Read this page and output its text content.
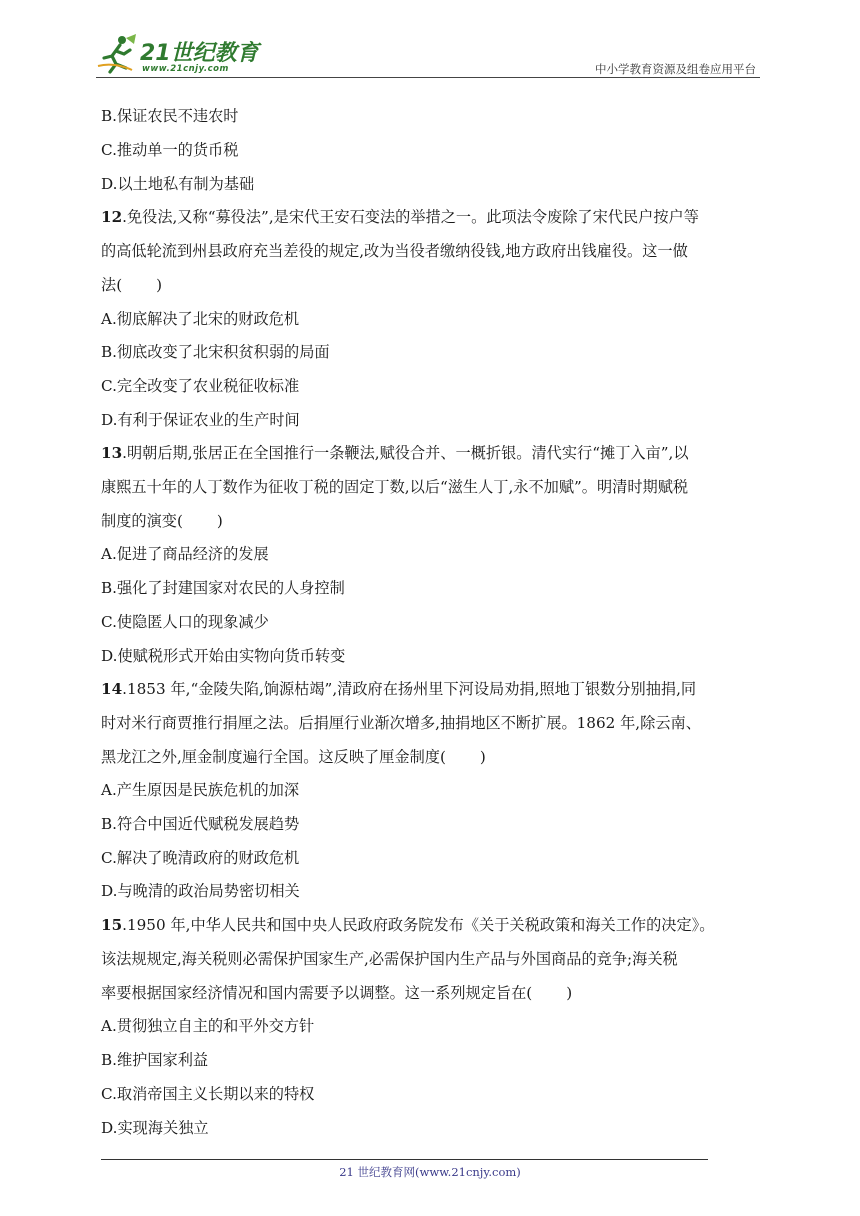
21世纪教育
www.21cnjy.com	中小学教育资源及组卷应用平台
B.保证农民不违农时
C.推动单一的货币税
D.以土地私有制为基础
12.免役法,又称“募役法”,是宋代王安石变法的举措之一。此项法令废除了宋代民户按户等
的高低轮流到州县政府充当差役的规定,改为当役者缴纳役钱,地方政府出钱雇役。这一做
法( )
A.彻底解决了北宋的财政危机
B.彻底改变了北宋积贫积弱的局面
C.完全改变了农业税征收标准
D.有利于保证农业的生产时间
13.明朝后期,张居正在全国推行一条鞭法,赋役合并、一概折银。清代实行“摊丁入亩”,以
康熙五十年的人丁数作为征收丁税的固定丁数,以后“滋生人丁,永不加赋”。明清时期赋税
制度的演变( )
A.促进了商品经济的发展
B.强化了封建国家对农民的人身控制
C.使隐匿人口的现象减少
D.使赋税形式开始由实物向货币转变
14.1853 年,“金陵失陷,饷源枯竭”,清政府在扬州里下河设局劝捐,照地丁银数分别抽捐,同
时对米行商贾推行捐厘之法。后捐厘行业渐次增多,抽捐地区不断扩展。1862 年,除云南、
黑龙江之外,厘金制度遍行全国。这反映了厘金制度( )
A.产生原因是民族危机的加深
B.符合中国近代赋税发展趋势
C.解决了晚清政府的财政危机
D.与晚清的政治局势密切相关
15.1950 年,中华人民共和国中央人民政府政务院发布《关于关税政策和海关工作的决定》。
该法规规定,海关税则必需保护国家生产,必需保护国内生产品与外国商品的竞争;海关税
率要根据国家经济情况和国内需要予以调整。这一系列规定旨在( )
A.贯彻独立自主的和平外交方针
B.维护国家利益
C.取消帝国主义长期以来的特权
D.实现海关独立
21 世纪教育网(www.21cnjy.com)
